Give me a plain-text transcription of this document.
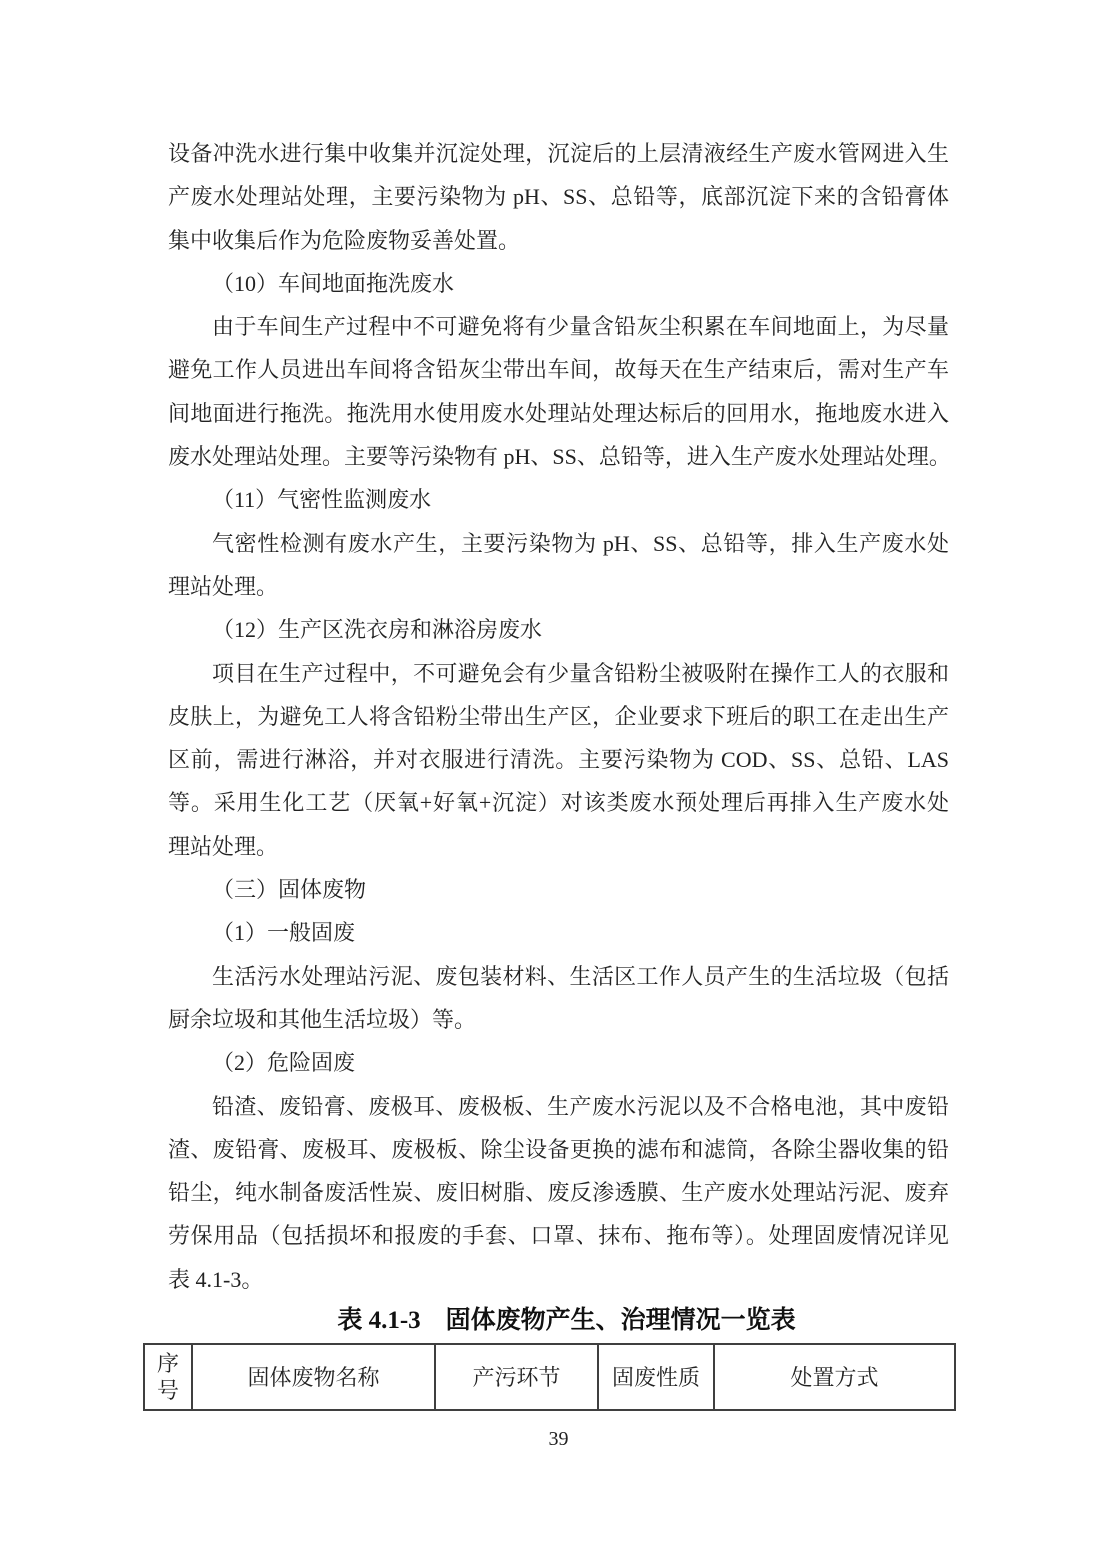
设备冲洗水进行集中收集并沉淀处理，沉淀后的上层清液经生产废水管网进入生
产废水处理站处理，主要污染物为 pH、SS、总铅等，底部沉淀下来的含铅膏体
集中收集后作为危险废物妥善处置。
（10）车间地面拖洗废水
由于车间生产过程中不可避免将有少量含铅灰尘积累在车间地面上，为尽量
避免工作人员进出车间将含铅灰尘带出车间，故每天在生产结束后，需对生产车
间地面进行拖洗。拖洗用水使用废水处理站处理达标后的回用水，拖地废水进入
废水处理站处理。主要等污染物有 pH、SS、总铅等，进入生产废水处理站处理。
（11）气密性监测废水
气密性检测有废水产生，主要污染物为 pH、SS、总铅等，排入生产废水处
理站处理。
（12）生产区洗衣房和淋浴房废水
项目在生产过程中，不可避免会有少量含铅粉尘被吸附在操作工人的衣服和
皮肤上，为避免工人将含铅粉尘带出生产区，企业要求下班后的职工在走出生产
区前，需进行淋浴，并对衣服进行清洗。主要污染物为 COD、SS、总铅、LAS
等。采用生化工艺（厌氧+好氧+沉淀）对该类废水预处理后再排入生产废水处
理站处理。
（三）固体废物
（1）一般固废
生活污水处理站污泥、废包装材料、生活区工作人员产生的生活垃圾（包括
厨余垃圾和其他生活垃圾）等。
（2）危险固废
铅渣、废铅膏、废极耳、废极板、生产废水污泥以及不合格电池，其中废铅
渣、废铅膏、废极耳、废极板、除尘设备更换的滤布和滤筒，各除尘器收集的铅
铅尘，纯水制备废活性炭、废旧树脂、废反渗透膜、生产废水处理站污泥、废弃
劳保用品（包括损坏和报废的手套、口罩、抹布、拖布等）。处理固废情况详见
表 4.1-3。
表 4.1-3　固体废物产生、治理情况一览表
序号	固体废物名称	产污环节	固废性质	处置方式
39
